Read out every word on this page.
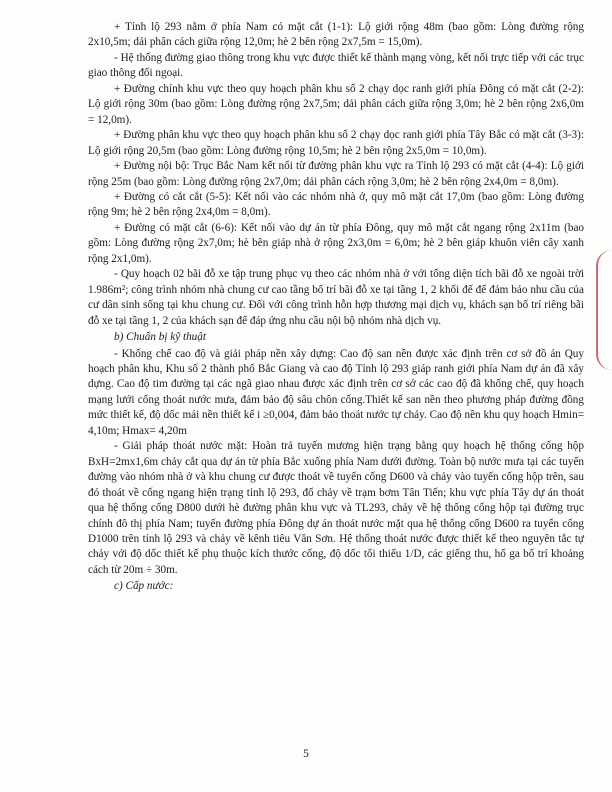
+ Tỉnh lộ 293 nằm ở phía Nam có mặt cắt (1-1): Lộ giới rộng 48m (bao gồm: Lòng đường rộng 2x10,5m; dải phân cách giữa rộng 12,0m; hè 2 bên rộng 2x7,5m = 15,0m).

- Hệ thống đường giao thông trong khu vực được thiết kế thành mạng vòng, kết nối trực tiếp với các trục giao thông đối ngoại.

+ Đường chính khu vực theo quy hoạch phân khu số 2 chạy dọc ranh giới phía Đông có mặt cắt (2-2): Lộ giới rộng 30m (bao gồm: Lòng đường rộng 2x7,5m; dải phân cách giữa rộng 3,0m; hè 2 bên rộng 2x6,0m = 12,0m).

+ Đường phân khu vực theo quy hoạch phân khu số 2 chạy dọc ranh giới phía Tây Bắc có mặt cắt (3-3): Lộ giới rộng 20,5m (bao gồm: Lòng đường rộng 10,5m; hè 2 bên rộng 2x5,0m = 10,0m).

+ Đường nội bộ: Trục Bắc Nam kết nối từ đường phân khu vực ra Tỉnh lộ 293 có mặt cắt (4-4): Lộ giới rộng 25m (bao gồm: Lòng đường rộng 2x7,0m; dải phân cách rộng 3,0m; hè 2 bên rộng 2x4,0m = 8,0m).

+ Đường có cắt cắt (5-5): Kết nối vào các nhóm nhà ở, quy mô mặt cắt 17,0m (bao gồm: Lòng đường rộng 9m; hè 2 bên rộng 2x4,0m = 8,0m).

+ Đường có mặt cắt (6-6): Kết nối vào dự án từ phía Đông, quy mô mặt cắt ngang rộng 2x11m (bao gồm: Lòng đường rộng 2x7,0m; hè bên giáp nhà ở rộng 2x3,0m = 6,0m; hè 2 bên giáp khuôn viên cây xanh rộng 2x1,0m).

- Quy hoạch 02 bãi đỗ xe tập trung phục vụ theo các nhóm nhà ở với tổng diện tích bãi đỗ xe ngoài trời 1.986m²; công trình nhóm nhà chung cư cao tầng bố trí bãi đỗ xe tại tầng 1, 2 khối đế để đảm bảo nhu cầu của cư dân sinh sống tại khu chung cư. Đối với công trình hỗn hợp thương mại dịch vụ, khách sạn bố trí riêng bãi đỗ xe tại tầng 1, 2 của khách sạn để đáp ứng nhu cầu nội bộ nhóm nhà dịch vụ.

b) Chuẩn bị kỹ thuật

- Khống chế cao độ và giải pháp nền xây dựng: Cao độ san nền được xác định trên cơ sở đồ án Quy hoạch phân khu, Khu số 2 thành phố Bắc Giang và cao độ Tỉnh lộ 293 giáp ranh giới phía Nam dự án đã xây dựng. Cao độ tim đường tại các ngã giao nhau được xác định trên cơ sở các cao độ đã khống chế, quy hoạch mạng lưới cống thoát nước mưa, đảm bảo độ sâu chôn cống.Thiết kế san nền theo phương pháp đường đồng mức thiết kế, độ dốc mái nền thiết kế i ≥0,004, đảm bảo thoát nước tự chảy. Cao độ nền khu quy hoạch Hmin= 4,10m; Hmax= 4,20m

- Giải pháp thoát nước mặt: Hoàn trả tuyến mương hiện trạng bằng quy hoạch hệ thống cống hộp BxH=2mx1,6m chảy cắt qua dự án từ phía Bắc xuống phía Nam dưới đường. Toàn bộ nước mưa tại các tuyến đường vào nhóm nhà ở và khu chung cư được thoát về tuyến cống D600 và chảy vào tuyến cống hộp trên, sau đó thoát về cống ngang hiện trạng tỉnh lộ 293, đổ chảy về trạm bơm Tân Tiến; khu vực phía Tây dự án thoát qua hệ thống cống D800 dưới hè đường phân khu vực và TL293, chảy về hệ thống cống hộp tại đường trục chính đô thị phía Nam; tuyến đường phía Đông dự án thoát nước mặt qua hệ thống cống D600 ra tuyến cống D1000 trên tỉnh lộ 293 và chảy về kênh tiêu Văn Sơn. Hệ thống thoát nước được thiết kế theo nguyên tắc tự chảy với độ dốc thiết kế phụ thuộc kích thước cống, độ dốc tối thiểu 1/D, các giếng thu, hố ga bố trí khoảng cách từ 20m ÷ 30m.

c) Cấp nước:

5
